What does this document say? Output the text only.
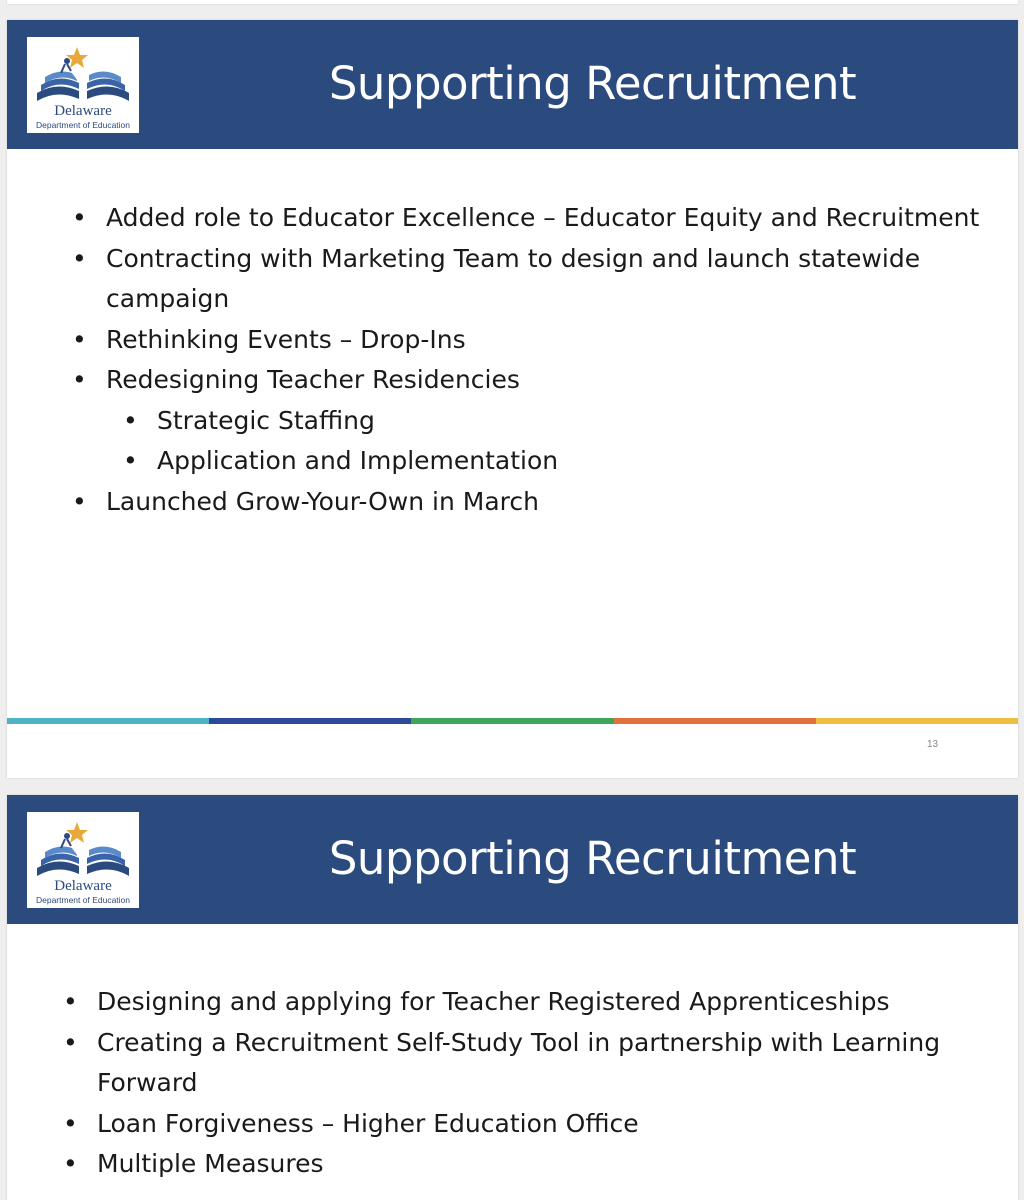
Delaware
Department of Education
Supporting Recruitment
• Added role to Educator Excellence – Educator Equity and Recruitment
• Contracting with Marketing Team to design and launch statewide campaign
• Rethinking Events – Drop-Ins
• Redesigning Teacher Residencies
• Strategic Staffing
• Application and Implementation
• Launched Grow-Your-Own in March
13
Delaware
Department of Education
Supporting Recruitment
• Designing and applying for Teacher Registered Apprenticeships
• Creating a Recruitment Self-Study Tool in partnership with Learning Forward
• Loan Forgiveness – Higher Education Office
• Multiple Measures
